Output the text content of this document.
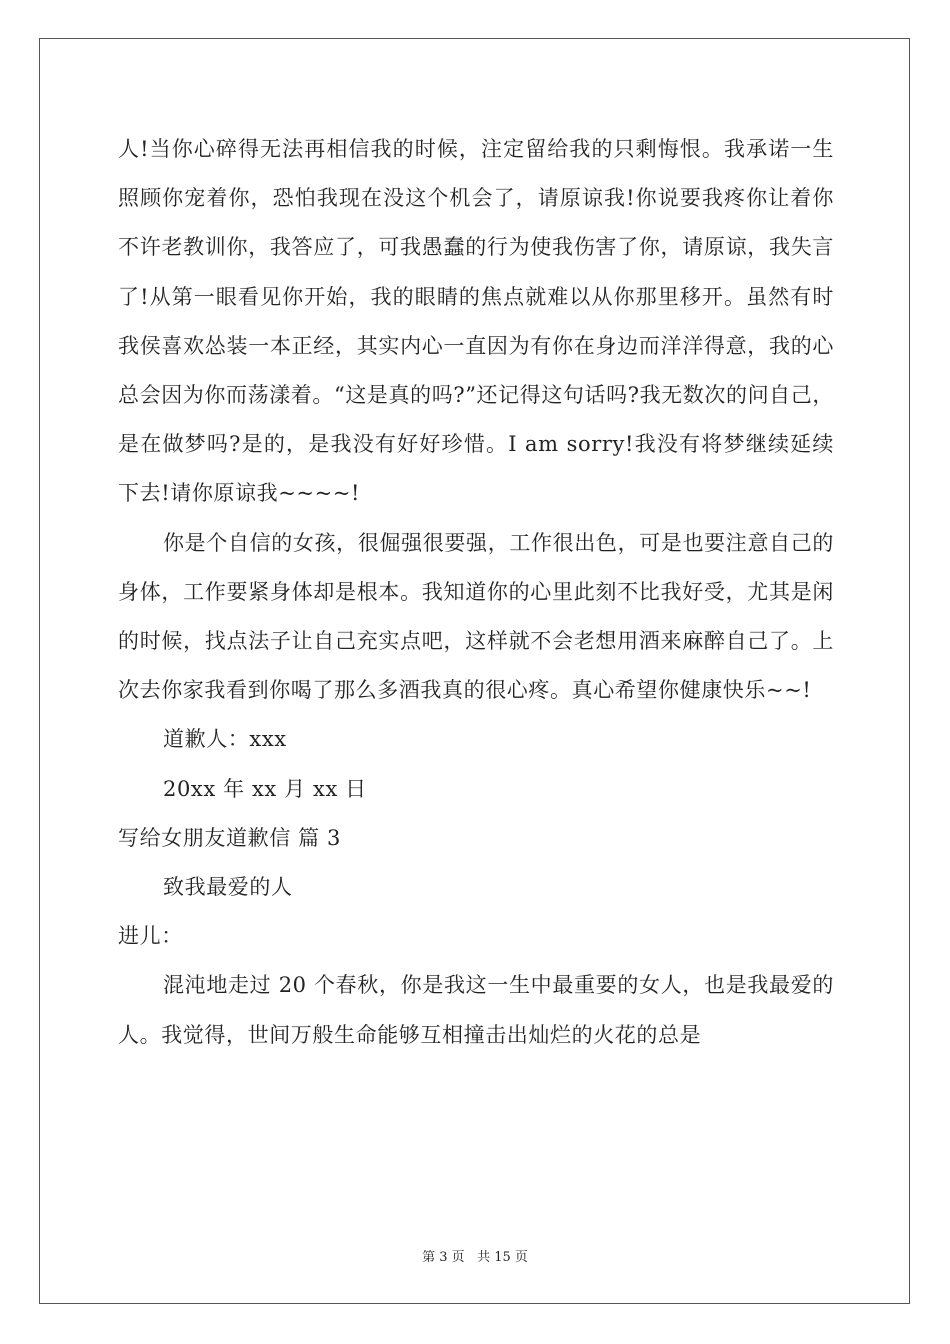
人!当你心碎得无法再相信我的时候，注定留给我的只剩悔恨。我承诺一生照顾你宠着你，恐怕我现在没这个机会了，请原谅我!你说要我疼你让着你不许老教训你，我答应了，可我愚蠢的行为使我伤害了你，请原谅，我失言了!从第一眼看见你开始，我的眼睛的焦点就难以从你那里移开。虽然有时我侯喜欢怂装一本正经，其实内心一直因为有你在身边而洋洋得意，我的心总会因为你而荡漾着。“这是真的吗?”还记得这句话吗?我无数次的问自己，是在做梦吗?是的，是我没有好好珍惜。I am sorry!我没有将梦继续延续下去!请你原谅我~~~~!

你是个自信的女孩，很倔强很要强，工作很出色，可是也要注意自己的身体，工作要紧身体却是根本。我知道你的心里此刻不比我好受，尤其是闲的时候，找点法子让自己充实点吧，这样就不会老想用酒来麻醉自己了。上次去你家我看到你喝了那么多酒我真的很心疼。真心希望你健康快乐~~!

道歉人：xxx

20xx 年 xx 月 xx 日

写给女朋友道歉信 篇 3

致我最爱的人

进儿：

混沌地走过 20 个春秋，你是我这一生中最重要的女人，也是我最爱的人。我觉得，世间万般生命能够互相撞击出灿烂的火花的总是

第 3 页 共 15 页
